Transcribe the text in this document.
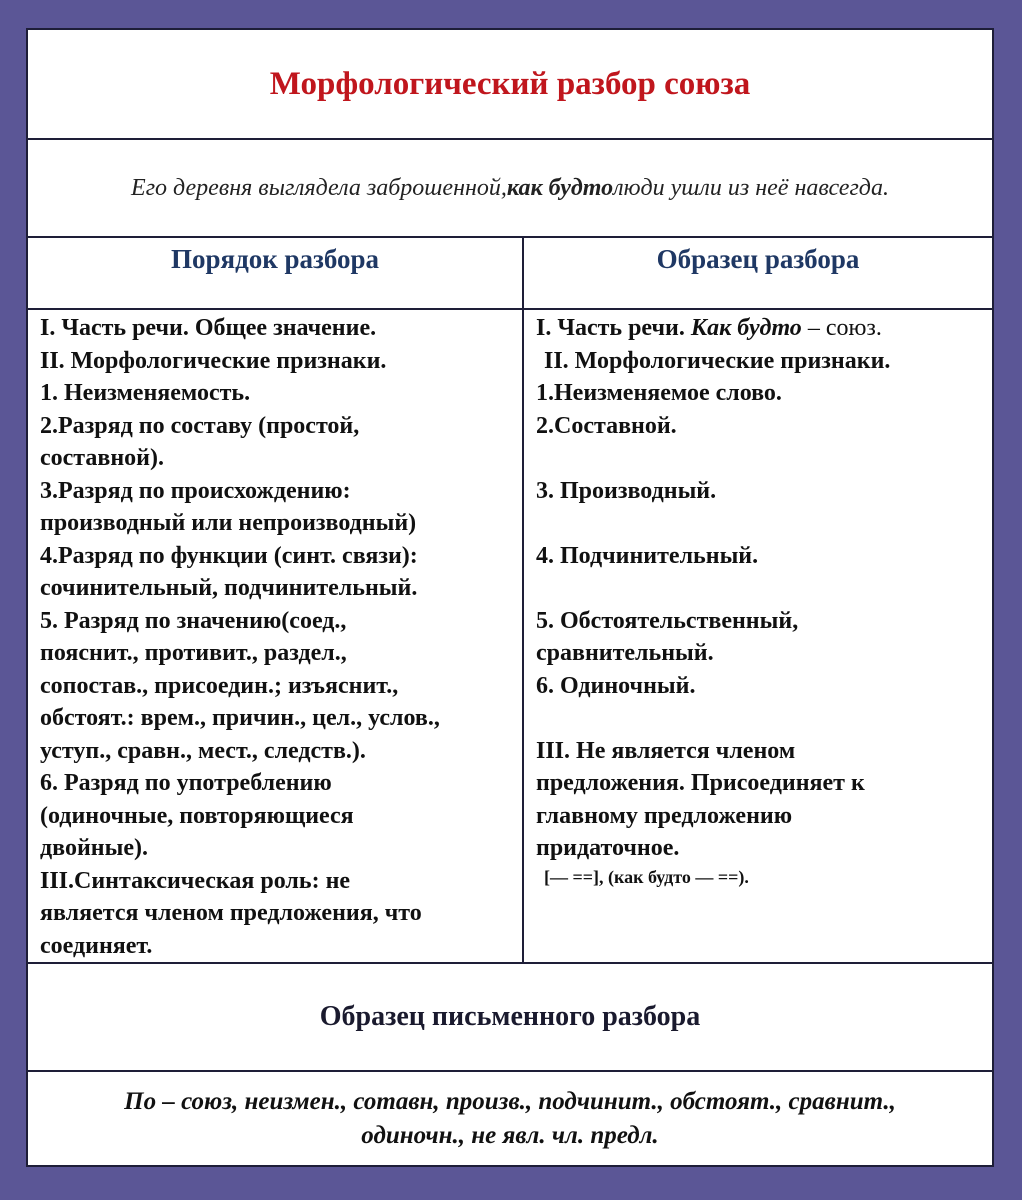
Морфологический разбор союза
Его деревня выглядела заброшенной, как будто люди ушли из неё навсегда.
Порядок разбора	Образец разбора
I. Часть речи. Общее значение.
II. Морфологические признаки.
1. Неизменяемость.
2.Разряд по составу (простой,
составной).
3.Разряд по происхождению:
производный или непроизводный)
4.Разряд по функции (синт. связи):
сочинительный, подчинительный.
5. Разряд по значению(соед.,
пояснит., противит., раздел.,
сопостав., присоедин.; изъяснит.,
обстоят.: врем., причин., цел., услов.,
уступ., сравн., мест., следств.).
6. Разряд по употреблению
(одиночные, повторяющиеся
двойные).
III.Синтаксическая роль: не
является членом предложения, что
соединяет.
I. Часть речи. Как будто – союз.
II. Морфологические признаки.
1.Неизменяемое слово.
2.Составной.
3. Производный.
4. Подчинительный.
5. Обстоятельственный,
сравнительный.
6. Одиночный.
III. Не является членом
предложения. Присоединяет к
главному предложению
придаточное.
[— ==], (как будто — ==).
Образец письменного разбора
По – союз, неизмен., сотавн, произв., подчинит., обстоят., сравнит.,
одиночн., не явл. чл. предл.
